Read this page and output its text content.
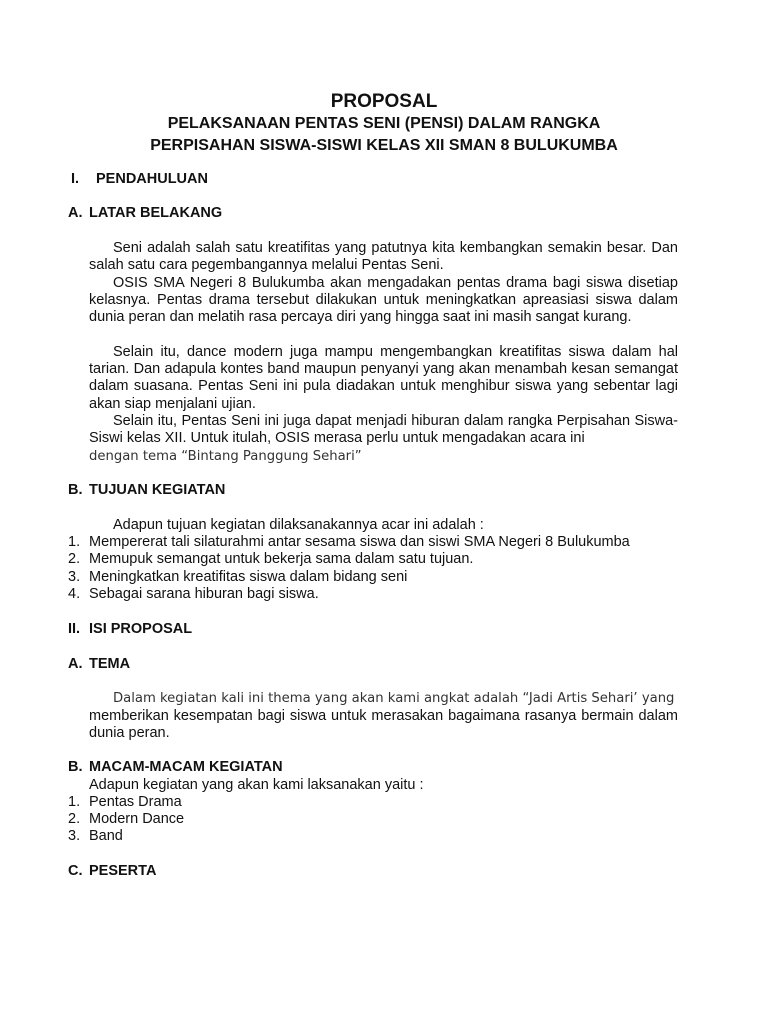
PROPOSAL
PELAKSANAAN PENTAS SENI (PENSI) DALAM RANGKA
PERPISAHAN SISWA-SISWI KELAS XII SMAN 8 BULUKUMBA
I. PENDAHULUAN
A. LATAR BELAKANG
Seni adalah salah satu kreatifitas yang patutnya kita kembangkan semakin besar. Dan salah satu cara pegembangannya melalui Pentas Seni.
OSIS SMA Negeri 8 Bulukumba akan mengadakan pentas drama bagi siswa disetiap kelasnya. Pentas drama tersebut dilakukan untuk meningkatkan apreasiasi siswa dalam dunia peran dan melatih rasa percaya diri yang hingga saat ini masih sangat kurang.
Selain itu, dance modern juga mampu mengembangkan kreatifitas siswa dalam hal tarian. Dan adapula kontes band maupun penyanyi yang akan menambah kesan semangat dalam suasana. Pentas Seni ini pula diadakan untuk menghibur siswa yang sebentar lagi akan siap menjalani ujian.
Selain itu, Pentas Seni ini juga dapat menjadi hiburan dalam rangka Perpisahan Siswa-Siswi kelas XII. Untuk itulah, OSIS merasa perlu untuk mengadakan acara ini
dengan tema “Bintang Panggung Sehari”
B. TUJUAN KEGIATAN
Adapun tujuan kegiatan dilaksanakannya acar ini adalah :
1. Mempererat tali silaturahmi antar sesama siswa dan siswi SMA Negeri 8 Bulukumba
2. Memupuk semangat untuk bekerja sama dalam satu tujuan.
3. Meningkatkan kreatifitas siswa dalam bidang seni
4. Sebagai sarana hiburan bagi siswa.
II. ISI PROPOSAL
A. TEMA
Dalam kegiatan kali ini thema yang akan kami angkat adalah “Jadi Artis Sehari’ yang
memberikan kesempatan bagi siswa untuk merasakan bagaimana rasanya bermain dalam dunia peran.
B. MACAM-MACAM KEGIATAN
Adapun kegiatan yang akan kami laksanakan yaitu :
1. Pentas Drama
2. Modern Dance
3. Band
C. PESERTA
